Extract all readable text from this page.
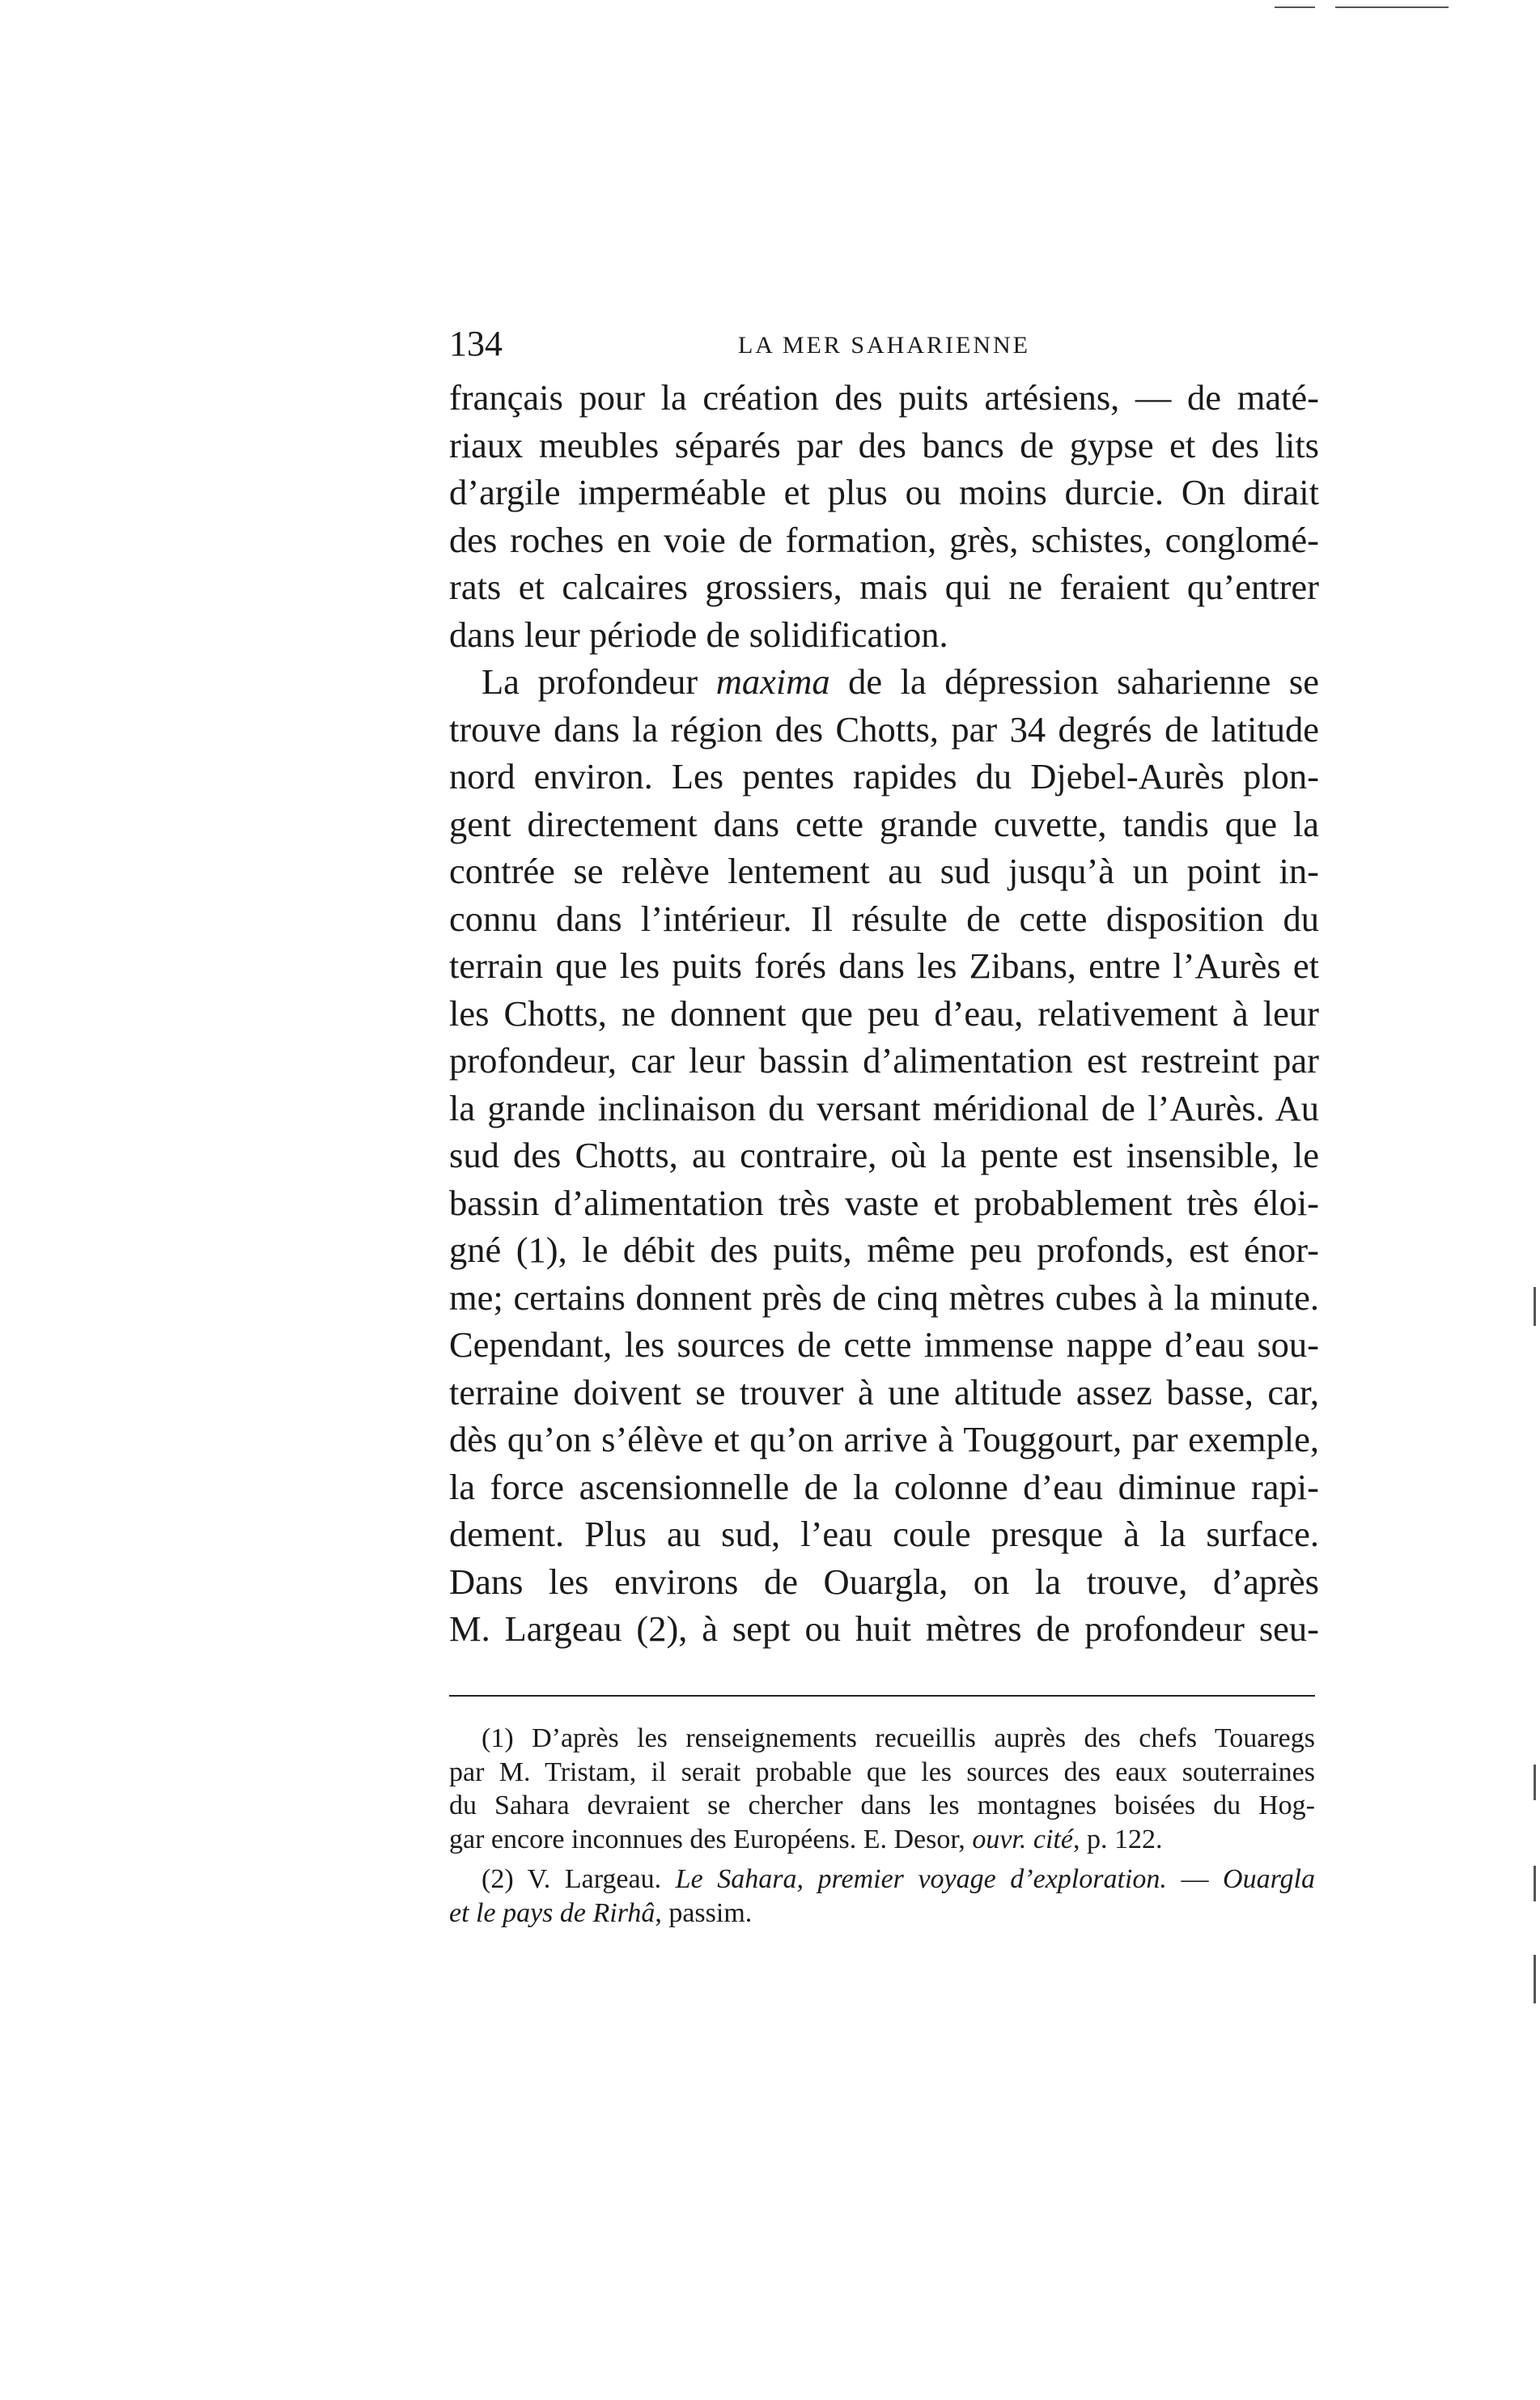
134	LA MER SAHARIENNE
français pour la création des puits artésiens, — de maté-
riaux meubles séparés par des bancs de gypse et des lits
d’argile imperméable et plus ou moins durcie. On dirait
des roches en voie de formation, grès, schistes, conglomé-
rats et calcaires grossiers, mais qui ne feraient qu’entrer
dans leur période de solidification.
La profondeur maxima de la dépression saharienne se
trouve dans la région des Chotts, par 34 degrés de latitude
nord environ. Les pentes rapides du Djebel-Aurès plon-
gent directement dans cette grande cuvette, tandis que la
contrée se relève lentement au sud jusqu’à un point in-
connu dans l’intérieur. Il résulte de cette disposition du
terrain que les puits forés dans les Zibans, entre l’Aurès et
les Chotts, ne donnent que peu d’eau, relativement à leur
profondeur, car leur bassin d’alimentation est restreint par
la grande inclinaison du versant méridional de l’Aurès. Au
sud des Chotts, au contraire, où la pente est insensible, le
bassin d’alimentation très vaste et probablement très éloi-
gné (1), le débit des puits, même peu profonds, est énor-
me; certains donnent près de cinq mètres cubes à la minute.
Cependant, les sources de cette immense nappe d’eau sou-
terraine doivent se trouver à une altitude assez basse, car,
dès qu’on s’élève et qu’on arrive à Touggourt, par exemple,
la force ascensionnelle de la colonne d’eau diminue rapi-
dement. Plus au sud, l’eau coule presque à la surface.
Dans les environs de Ouargla, on la trouve, d’après
M. Largeau (2), à sept ou huit mètres de profondeur seu-
(1) D’après les renseignements recueillis auprès des chefs Touaregs
par M. Tristam, il serait probable que les sources des eaux souterraines
du Sahara devraient se chercher dans les montagnes boisées du Hog-
gar encore inconnues des Européens. E. Desor, ouvr. cité, p. 122.
(2) V. Largeau. Le Sahara, premier voyage d’exploration. — Ouargla
et le pays de Rirhâ, passim.
